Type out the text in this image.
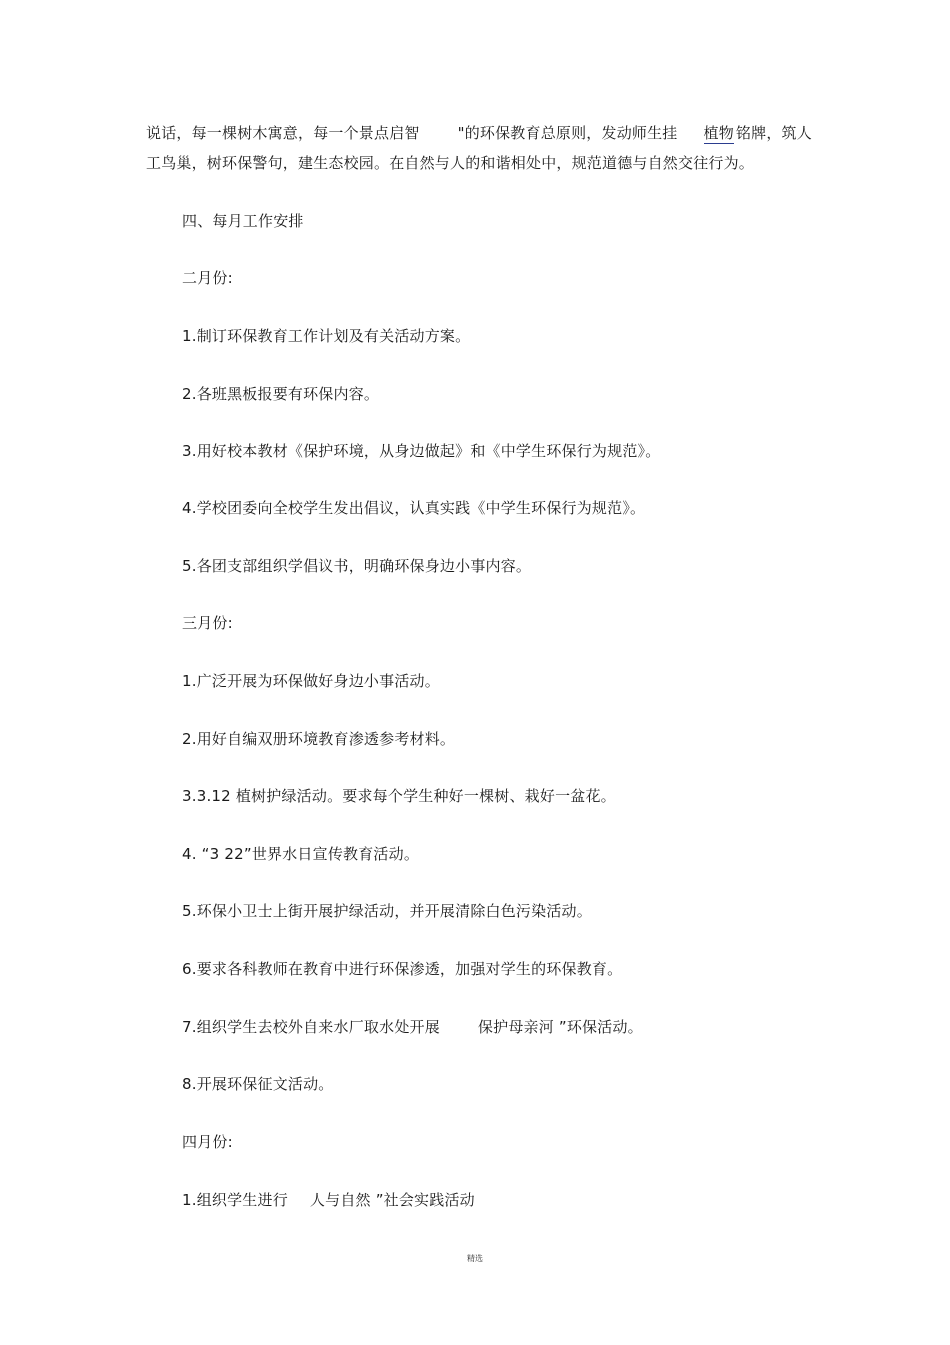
说话，每一棵树木寓意，每一个景点启智	"的环保教育总原则，发动师生挂 植物 铭牌，筑人
工鸟巢，树环保警句，建生态校园。在自然与人的和谐相处中，规范道德与自然交往行为。
四、每月工作安排
二月份:
1.制订环保教育工作计划及有关活动方案。
2.各班黑板报要有环保内容。
3.用好校本教材《保护环境，从身边做起》和《中学生环保行为规范》。
4.学校团委向全校学生发出倡议，认真实践《中学生环保行为规范》。
5.各团支部组织学倡议书，明确环保身边小事内容。
三月份:
1.广泛开展为环保做好身边小事活动。
2.用好自编双册环境教育渗透参考材料。
3.3.12 植树护绿活动。要求每个学生种好一棵树、栽好一盆花。
4. “3 22”世界水日宣传教育活动。
5.环保小卫士上街开展护绿活动，并开展清除白色污染活动。
6.要求各科教师在教育中进行环保渗透，加强对学生的环保教育。
7.组织学生去校外自来水厂取水处开展	保护母亲河 ”环保活动。
8.开展环保征文活动。
四月份:
1.组织学生进行 人与自然 ”社会实践活动
精选
